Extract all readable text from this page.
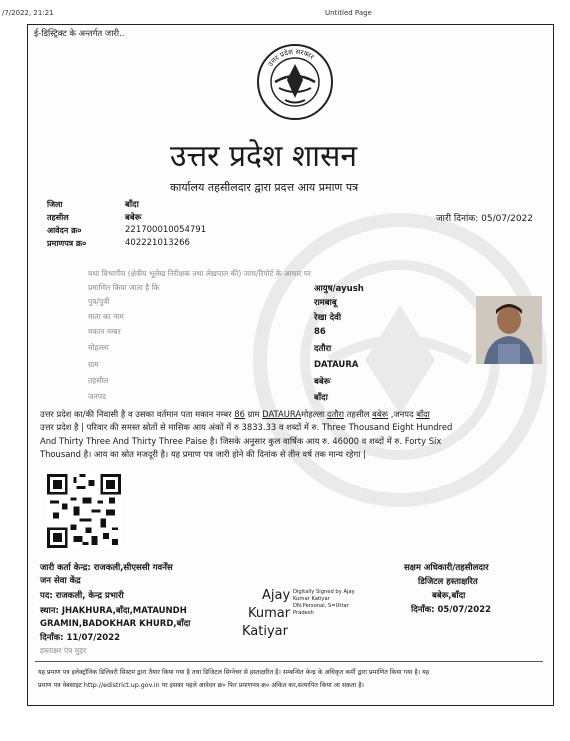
/7/2022, 21:21	Untitled Page
ई-डिस्ट्रिक्ट के अन्तर्गत जारी..
उत्तर प्रदेश सरकार
उत्तर प्रदेश शासन
कार्यालय तहसीलदार द्वारा प्रदत्त आय प्रमाण पत्र
जिला	बाँदा
तहसील	बबेरू
आवेदन क्र०	221700010054791
प्रमाणपत्र क्र०	402221013266
जारी दिनांक: 05/07/2022
यथा विभागीय (क्षेत्रीय भूलेख निरीक्षक तथा लेखपाल की) जांच/रिपोर्ट के आधार पर
प्रमाणित किया जाता है कि	आयुष/ayush
पुत्र/पुत्री	रामबाबू
माता का नाम	रेखा देवी
मकान नम्बर	86
मोहल्ला	दतौरा
ग्राम	DATAURA
तहसील	बबेरू
जनपद	बाँदा
उत्तर प्रदेश का/की निवासी है व उसका वर्तमान पता मकान नम्बर 86 ग्राम DATAURAमोहल्ला दतौरा तहसील बबेरू ,जनपद बाँदा
उत्तर प्रदेश है | परिवार की समस्त स्रोतों से मासिक आय अंकों में रु 3833.33 व शब्दों में रु. Three Thousand Eight Hundred
And Thirty Three And Thirty Three Paise है। जिसके अनुसार कुल वार्षिक आय रु. 46000 व शब्दों में रु. Forty Six
Thousand है। आय का स्रोत मजदूरी है। यह प्रमाण पत्र जारी होने की दिनांक से तीन वर्ष तक मान्य रहेगा |
जारी कर्ता केन्द्र: राजकली,सीएससी गवर्नेंस
जन सेवा केंद्र
पद: राजकली, केन्द्र प्रभारी
स्थान: JHAKHURA,बाँदा,MATAUNDH
GRAMIN,BADOKHAR KHURD,बाँदा
दिनाँक: 11/07/2022
हस्ताक्षर एंव मुहर
Ajay
Kumar
Katiyar
Digitally Signed by Ajay
Kumar Katiyar
DN:Personal, S=Uttar
Pradesh
सक्षम अधिकारी/तहसीलदार
डिजिटल हस्ताक्षरित
बबेरू,बाँदा
दिनाँक: 05/07/2022
यह प्रमाण पत्र इलेक्ट्रॉनिक डिलिवरी सिस्टम द्वारा तैयार किया गया है तथा डिजिटल सिग्नेचर से हस्ताक्षरित है। सम्बन्धित केन्द्र के अधिकृत कर्मी द्वारा प्रमाणित किया गया है। यह
प्रमाण पत्र वेबसाइट http://edistrict.up.gov.in पर इसका पहले आवेदन क्र० फिर प्रमाणपत्र क्र० अंकित कर,सत्यापित किया जा सकता है।
